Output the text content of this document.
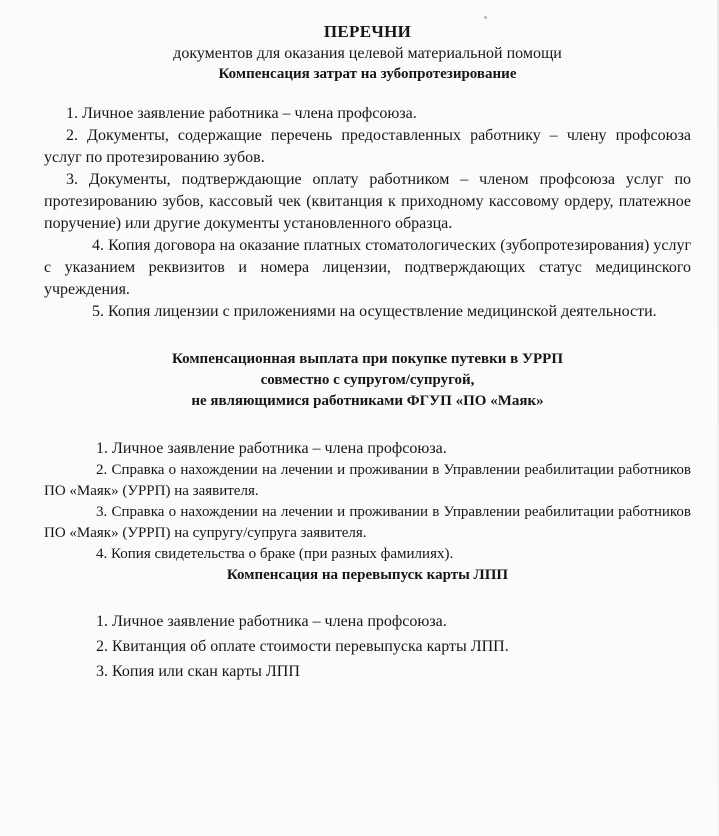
ПЕРЕЧНИ

документов для оказания целевой материальной помощи

Компенсация затрат на зубопротезирование

1. Личное заявление работника – члена профсоюза.

2. Документы, содержащие перечень предоставленных работнику – члену профсоюза услуг по протезированию зубов.

3. Документы, подтверждающие оплату работником – членом профсоюза услуг по протезированию зубов, кассовый чек (квитанция к приходному кассовому ордеру, платежное поручение) или другие документы установленного образца.

4. Копия договора на оказание платных стоматологических (зубопротезирования) услуг с указанием реквизитов и номера лицензии, подтверждающих статус медицинского учреждения.

5. Копия лицензии с приложениями на осуществление медицинской деятельности.

Компенсационная выплата при покупке путевки в УРРП
совместно с супругом/супругой,
не являющимися работниками ФГУП «ПО «Маяк»

1. Личное заявление работника – члена профсоюза.

2. Справка о нахождении на лечении и проживании в Управлении реабилитации работников ПО «Маяк» (УРРП) на заявителя.

3. Справка о нахождении на лечении и проживании в Управлении реабилитации работников ПО «Маяк» (УРРП) на супругу/супруга заявителя.

4. Копия свидетельства о браке (при разных фамилиях).

Компенсация на перевыпуск карты ЛПП

1. Личное заявление работника – члена профсоюза.

2. Квитанция об оплате стоимости перевыпуска карты ЛПП.

3. Копия или скан карты ЛПП
